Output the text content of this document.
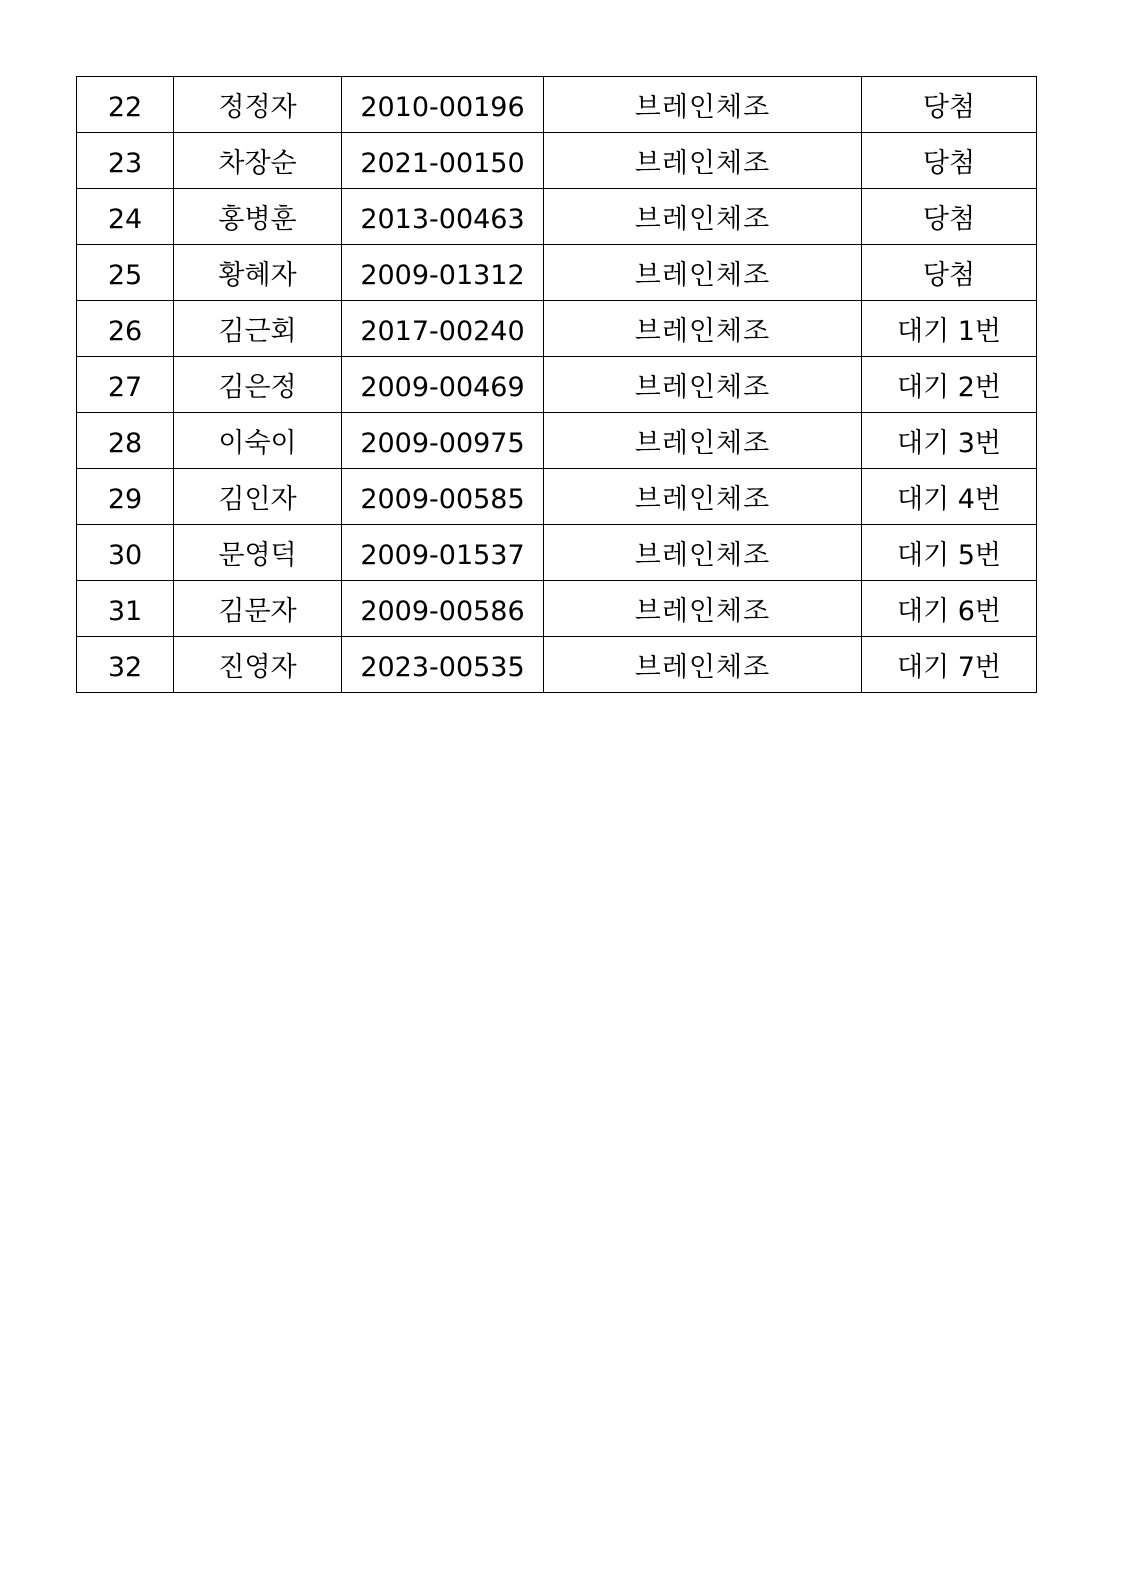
22	정정자	2010-00196	브레인체조	당첨
23	차장순	2021-00150	브레인체조	당첨
24	홍병훈	2013-00463	브레인체조	당첨
25	황혜자	2009-01312	브레인체조	당첨
26	김근회	2017-00240	브레인체조	대기 1번
27	김은정	2009-00469	브레인체조	대기 2번
28	이숙이	2009-00975	브레인체조	대기 3번
29	김인자	2009-00585	브레인체조	대기 4번
30	문영덕	2009-01537	브레인체조	대기 5번
31	김문자	2009-00586	브레인체조	대기 6번
32	진영자	2023-00535	브레인체조	대기 7번
